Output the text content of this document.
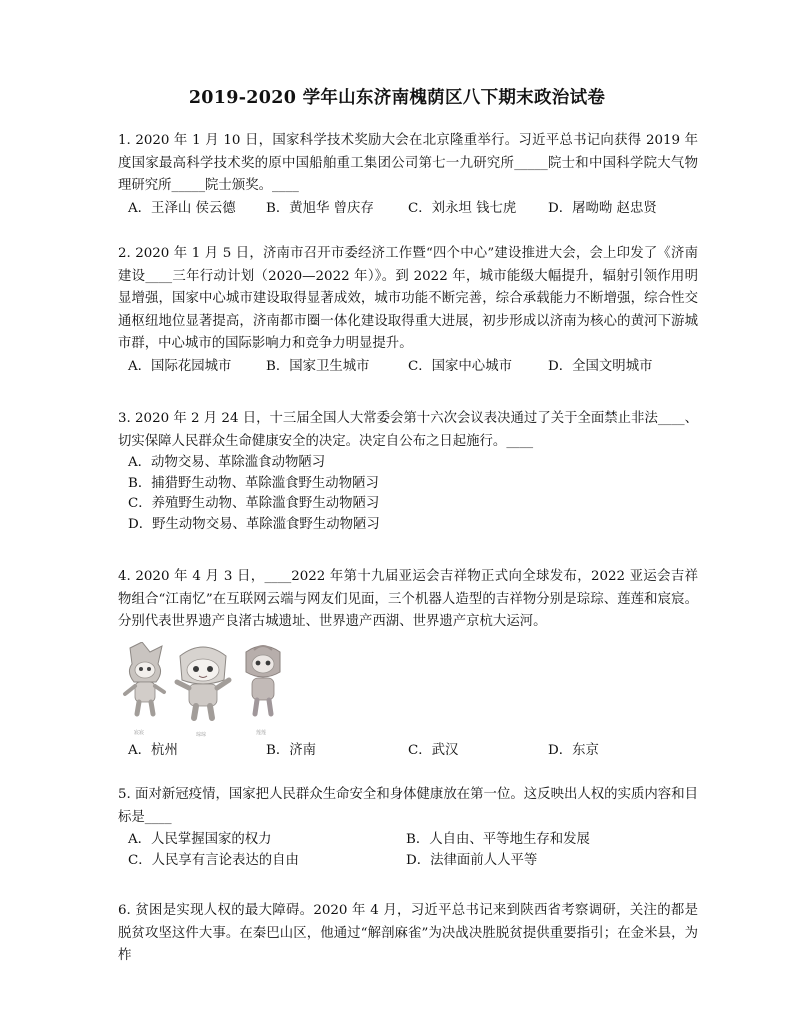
2019-2020 学年山东济南槐荫区八下期末政治试卷

1. 2020 年 1 月 10 日，国家科学技术奖励大会在北京隆重举行。习近平总书记向获得 2019 年度国家最高科学技术奖的原中国船舶重工集团公司第七一九研究所_____院士和中国科学院大气物理研究所_____院士颁奖。____

A．王泽山 侯云德 B．黄旭华 曾庆存	C．刘永坦 钱七虎 D．屠呦呦 赵忠贤

2. 2020 年 1 月 5 日，济南市召开市委经济工作暨“四个中心”建设推进大会，会上印发了《济南建设____三年行动计划（2020—2022 年）》。到 2022 年，城市能级大幅提升，辐射引领作用明显增强，国家中心城市建设取得显著成效，城市功能不断完善，综合承载能力不断增强，综合性交通枢纽地位显著提高，济南都市圈一体化建设取得重大进展，初步形成以济南为核心的黄河下游城市群，中心城市的国际影响力和竞争力明显提升。

A．国际花园城市	B．国家卫生城市	C．国家中心城市	D．全国文明城市

3. 2020 年 2 月 24 日，十三届全国人大常委会第十六次会议表决通过了关于全面禁止非法____、切实保障人民群众生命健康安全的决定。决定自公布之日起施行。____

A．动物交易、革除滥食动物陋习
B．捕猎野生动物、革除滥食野生动物陋习
C．养殖野生动物、革除滥食野生动物陋习
D．野生动物交易、革除滥食野生动物陋习

4. 2020 年 4 月 3 日，____2022 年第十九届亚运会吉祥物正式向全球发布，2022 亚运会吉祥物组合“江南忆”在互联网云端与网友们见面，三个机器人造型的吉祥物分别是琮琮、莲莲和宸宸。分别代表世界遗产良渚古城遗址、世界遗产西湖、世界遗产京杭大运河。

宸宸	琮琮	莲莲
A．杭州	B．济南	C．武汉	D．东京

5. 面对新冠疫情，国家把人民群众生命安全和身体健康放在第一位。这反映出人权的实质内容和目标是____

A．人民掌握国家的权力	B．人自由、平等地生存和发展
C．人民享有言论表达的自由	D．法律面前人人平等

6. 贫困是实现人权的最大障碍。2020 年 4 月，习近平总书记来到陕西省考察调研，关注的都是脱贫攻坚这件大事。在秦巴山区，他通过“解剖麻雀”为决战决胜脱贫提供重要指引；在金米县，为柞
